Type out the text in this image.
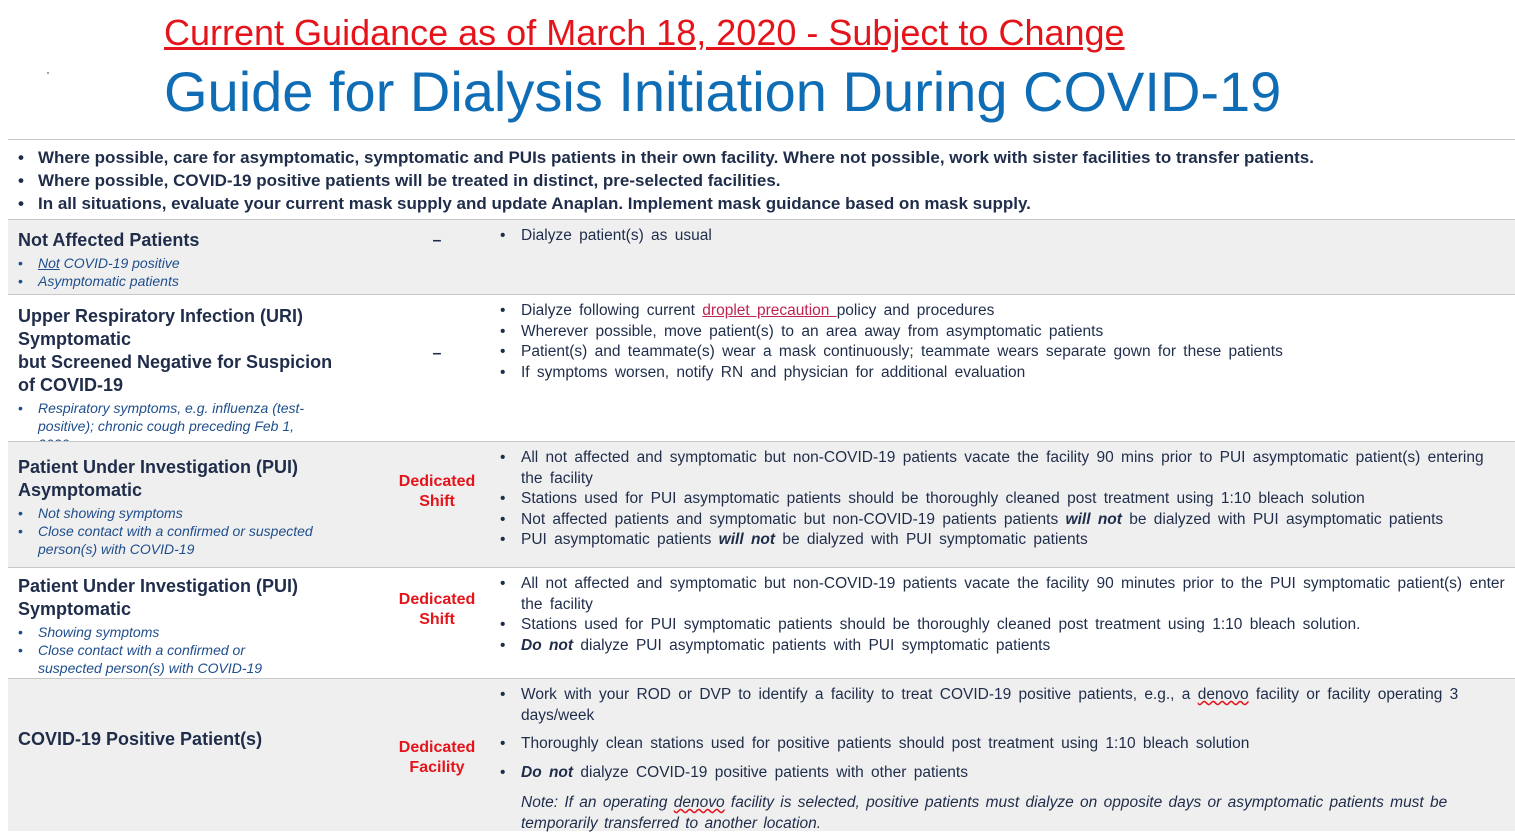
Current Guidance as of March 18, 2020 - Subject to Change
Guide for Dialysis Initiation During COVID-19
• Where possible, care for asymptomatic, symptomatic and PUIs patients in their own facility. Where not possible, work with sister facilities to transfer patients.
• Where possible, COVID-19 positive patients will be treated in distinct, pre-selected facilities.
• In all situations, evaluate your current mask supply and update Anaplan. Implement mask guidance based on mask supply.
Not Affected Patients
• Not COVID-19 positive
• Asymptomatic patients
–
•	Dialyze patient(s) as usual
Upper Respiratory Infection (URI)
Symptomatic
but Screened Negative for Suspicion
of COVID-19
• Respiratory symptoms, e.g. influenza (test-positive); chronic cough preceding Feb 1,
–
• Dialyze following current droplet precaution policy and procedures
• Wherever possible, move patient(s) to an area away from asymptomatic patients
• Patient(s) and teammate(s) wear a mask continuously; teammate wears separate gown for these patients
• If symptoms worsen, notify RN and physician for additional evaluation
Patient Under Investigation (PUI)
Asymptomatic
• Not showing symptoms
• Close contact with a confirmed or suspected person(s) with COVID-19
Dedicated
Shift
• All not affected and symptomatic but non-COVID-19 patients vacate the facility 90 mins prior to PUI asymptomatic patient(s) entering the facility
• Stations used for PUI asymptomatic patients should be thoroughly cleaned post treatment using 1:10 bleach solution
• Not affected patients and symptomatic but non-COVID-19 patients patients will not be dialyzed with PUI asymptomatic patients
• PUI asymptomatic patients will not be dialyzed with PUI symptomatic patients
Patient Under Investigation (PUI)
Symptomatic
• Showing symptoms
• Close contact with a confirmed or suspected person(s) with COVID-19
Dedicated
Shift
• All not affected and symptomatic but non-COVID-19 patients vacate the facility 90 minutes prior to the PUI symptomatic patient(s) enter the facility
• Stations used for PUI symptomatic patients should be thoroughly cleaned post treatment using 1:10 bleach solution.
• Do not dialyze PUI asymptomatic patients with PUI symptomatic patients
COVID-19 Positive Patient(s)	Dedicated
Facility
• Work with your ROD or DVP to identify a facility to treat COVID-19 positive patients, e.g., a denovo facility or facility operating 3 days/week
• Thoroughly clean stations used for positive patients should post treatment using 1:10 bleach solution
• Do not dialyze COVID-19 positive patients with other patients
Note: If an operating denovo facility is selected, positive patients must dialyze on opposite days or asymptomatic patients must be temporarily transferred to another location.
